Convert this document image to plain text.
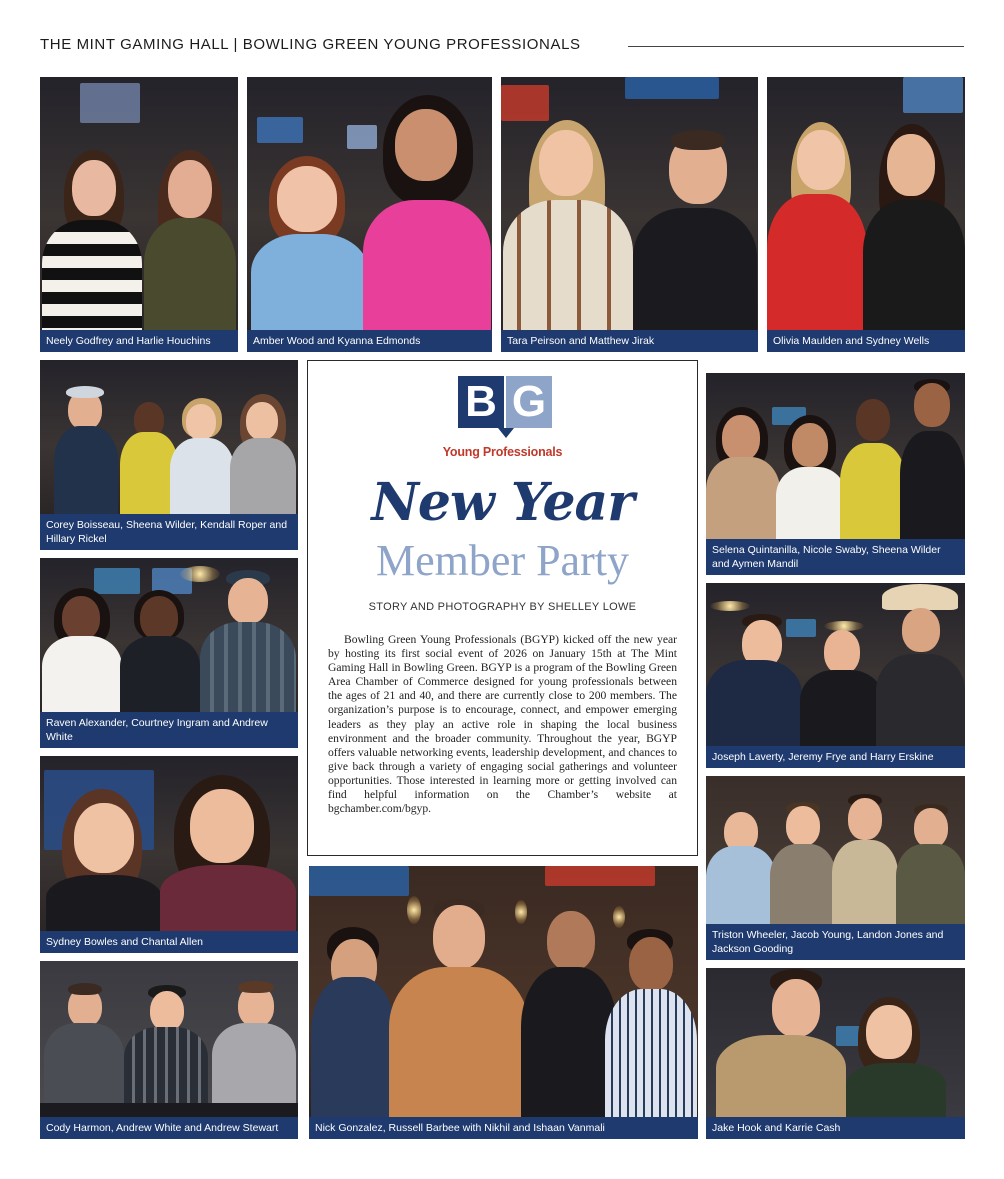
THE MINT GAMING HALL | BOWLING GREEN YOUNG PROFESSIONALS
Neely Godfrey and Harlie Houchins	Amber Wood and Kyanna Edmonds	Tara Peirson and Matthew Jirak	Olivia Maulden and Sydney Wells
Corey Boisseau, Sheena Wilder, Kendall Roper and Hillary Rickel
Raven Alexander, Courtney Ingram and Andrew White
Sydney Bowles and Chantal Allen
Cody Harmon, Andrew White and Andrew Stewart
B G
Young Professionals
New Year
Member Party
STORY AND PHOTOGRAPHY BY SHELLEY LOWE
Bowling Green Young Professionals (BGYP) kicked off the new year by hosting its first social event of 2026 on January 15th at The Mint Gaming Hall in Bowling Green. BGYP is a program of the Bowling Green Area Chamber of Commerce designed for young professionals between the ages of 21 and 40, and there are currently close to 200 members. The organization’s purpose is to encourage, connect, and empower emerging leaders as they play an active role in shaping the local business environment and the broader community. Throughout the year, BGYP offers valuable networking events, leadership development, and chances to give back through a variety of engaging social gatherings and volunteer opportunities. Those interested in learning more or getting involved can find helpful information on the Chamber’s website at bgchamber.com/bgyp.
Nick Gonzalez, Russell Barbee with Nikhil and Ishaan Vanmali
Selena Quintanilla, Nicole Swaby, Sheena Wilder and Aymen Mandil
Joseph Laverty, Jeremy Frye and Harry Erskine
Triston Wheeler, Jacob Young, Landon Jones and Jackson Gooding
Jake Hook and Karrie Cash
